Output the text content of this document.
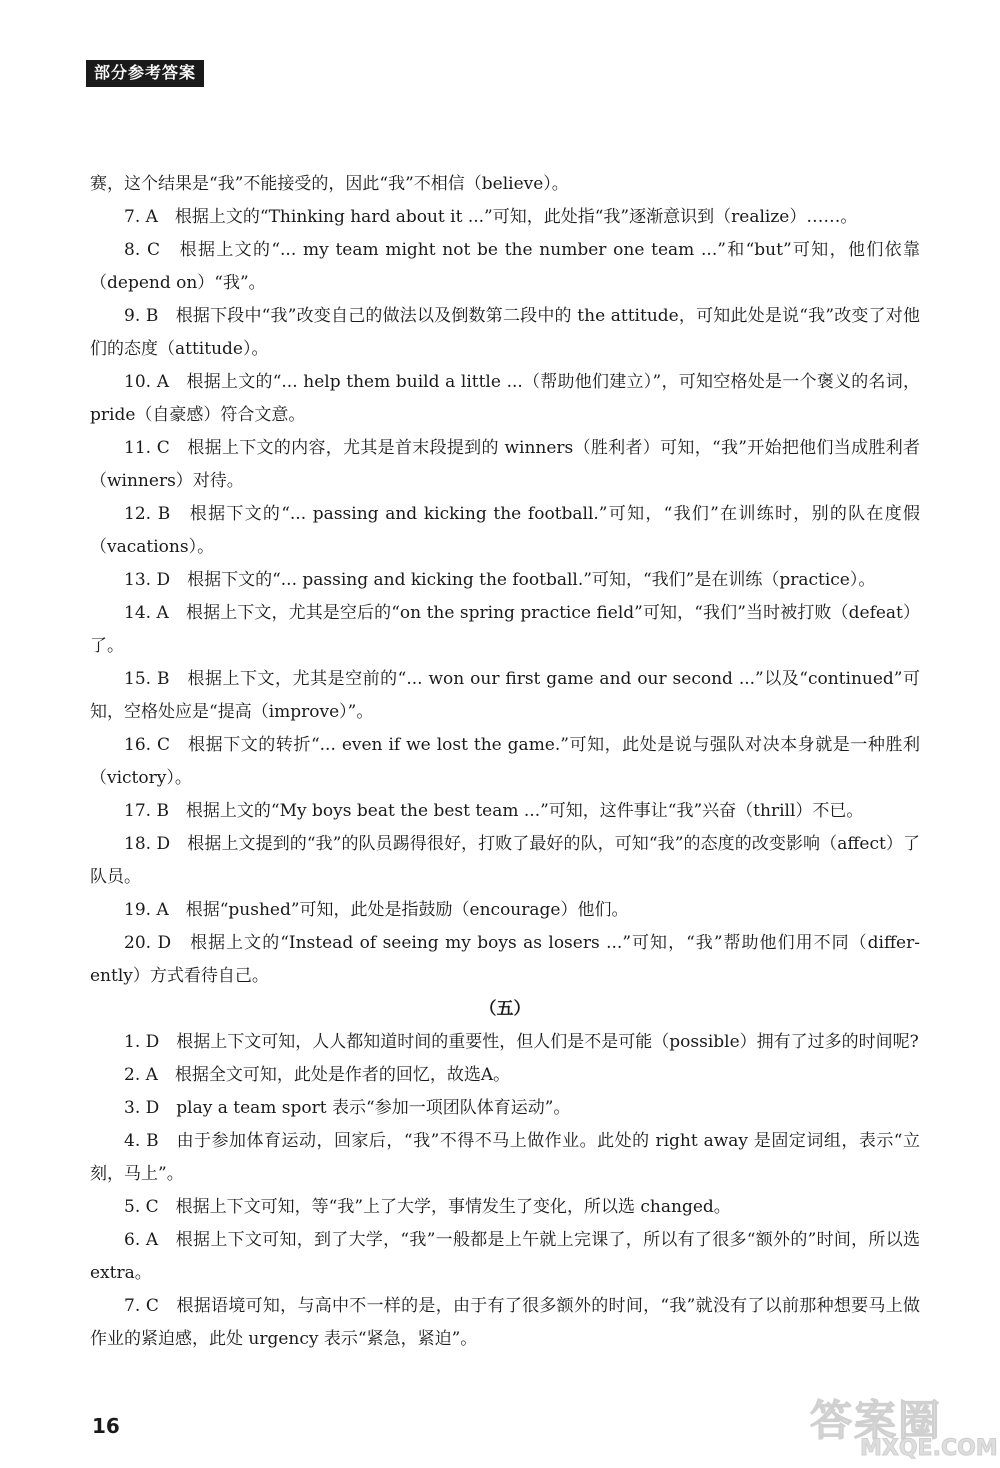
部分参考答案

赛，这个结果是“我”不能接受的，因此“我”不相信（believe）。

7. A　根据上文的“Thinking hard about it ...”可知，此处指“我”逐渐意识到（realize）……。

8. C　根据上文的“... my team might not be the number one team ...”和“but”可知，他们依靠（depend on）“我”。

9. B　根据下段中“我”改变自己的做法以及倒数第二段中的 the attitude，可知此处是说“我”改变了对他们的态度（attitude）。

10. A　根据上文的“... help them build a little ...（帮助他们建立）”，可知空格处是一个褒义的名词，pride（自豪感）符合文意。

11. C　根据上下文的内容，尤其是首末段提到的 winners（胜利者）可知，“我”开始把他们当成胜利者（winners）对待。

12. B　根据下文的“... passing and kicking the football.”可知，“我们”在训练时，别的队在度假（vacations）。

13. D　根据下文的“... passing and kicking the football.”可知，“我们”是在训练（practice）。

14. A　根据上下文，尤其是空后的“on the spring practice field”可知，“我们”当时被打败（defeat）了。

15. B　根据上下文，尤其是空前的“... won our first game and our second ...”以及“continued”可知，空格处应是“提高（improve）”。

16. C　根据下文的转折“... even if we lost the game.”可知，此处是说与强队对决本身就是一种胜利（victory）。

17. B　根据上文的“My boys beat the best team ...”可知，这件事让“我”兴奋（thrill）不已。

18. D　根据上文提到的“我”的队员踢得很好，打败了最好的队，可知“我”的态度的改变影响（affect）了队员。

19. A　根据“pushed”可知，此处是指鼓励（encourage）他们。

20. D　根据上文的“Instead of seeing my boys as losers ...”可知，“我”帮助他们用不同（differ-ently）方式看待自己。

（五）

1. D　根据上下文可知，人人都知道时间的重要性，但人们是不是可能（possible）拥有了过多的时间呢?

2. A　根据全文可知，此处是作者的回忆，故选A。

3. D　play a team sport 表示“参加一项团队体育运动”。

4. B　由于参加体育运动，回家后，“我”不得不马上做作业。此处的 right away 是固定词组，表示“立刻，马上”。

5. C　根据上下文可知，等“我”上了大学，事情发生了变化，所以选 changed。

6. A　根据上下文可知，到了大学，“我”一般都是上午就上完课了，所以有了很多“额外的”时间，所以选 extra。

7. C　根据语境可知，与高中不一样的是，由于有了很多额外的时间，“我”就没有了以前那种想要马上做作业的紧迫感，此处 urgency 表示“紧急，紧迫”。

16	答案圈
MXQE.COM
